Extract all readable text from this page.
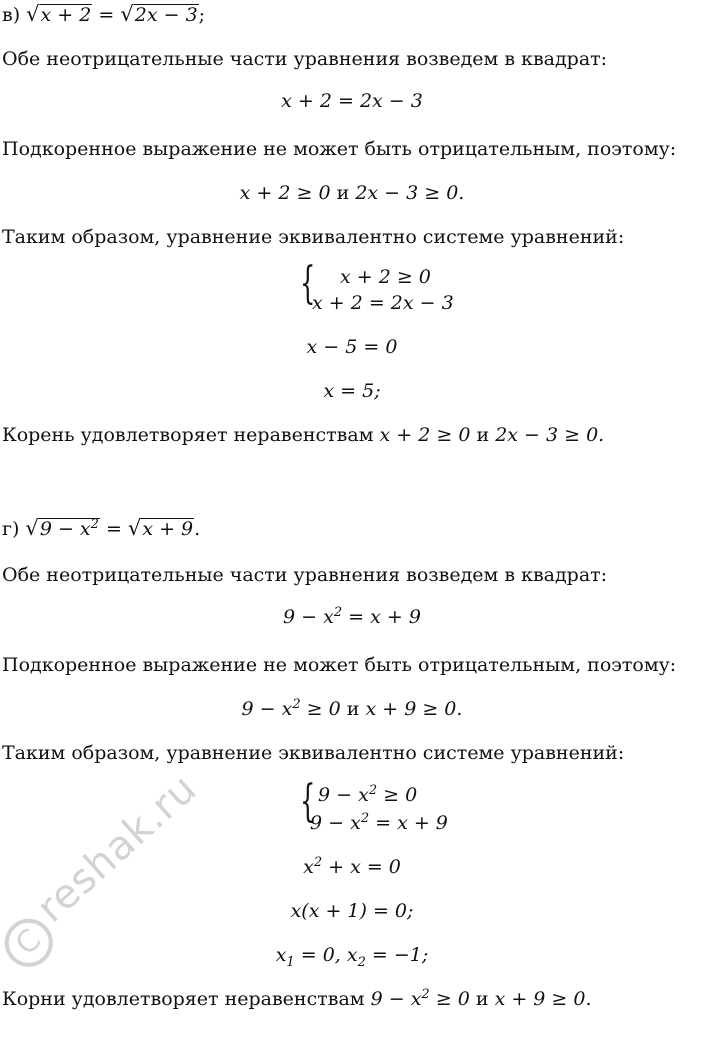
в) √x + 2 = √2x − 3;
Обе неотрицательные части уравнения возведем в квадрат:
x + 2 = 2x − 3
Подкоренное выражение не может быть отрицательным, поэтому:
x + 2 ≥ 0 и 2x − 3 ≥ 0.
Таким образом, уравнение эквивалентно системе уравнений:
{ x + 2 ≥ 0
x + 2 = 2x − 3
x − 5 = 0
x = 5;
Корень удовлетворяет неравенствам x + 2 ≥ 0 и 2x − 3 ≥ 0.
г) $√9 - x^2 = √x + 9$.
Обе неотрицательные части уравнения возведем в квадрат:
$9 - x^2 = x + 9$
Подкоренное выражение не может быть отрицательным, поэтому:
$9 - x^2 \ge 0$ и x + 9 ≥ 0.
Таким образом, уравнение эквивалентно системе уравнений:
{ $9 - x^2 \ge 0$
$9 - x^2 = x + 9$
$x^2 + x = 0$
x(x + 1) = 0;
$x_1 = 0$, $x_2 = -1$;
Корни удовлетворяет неравенствам $9 - x^2 \ge 0$ и x + 9 ≥ 0.
C
reshak.ru
